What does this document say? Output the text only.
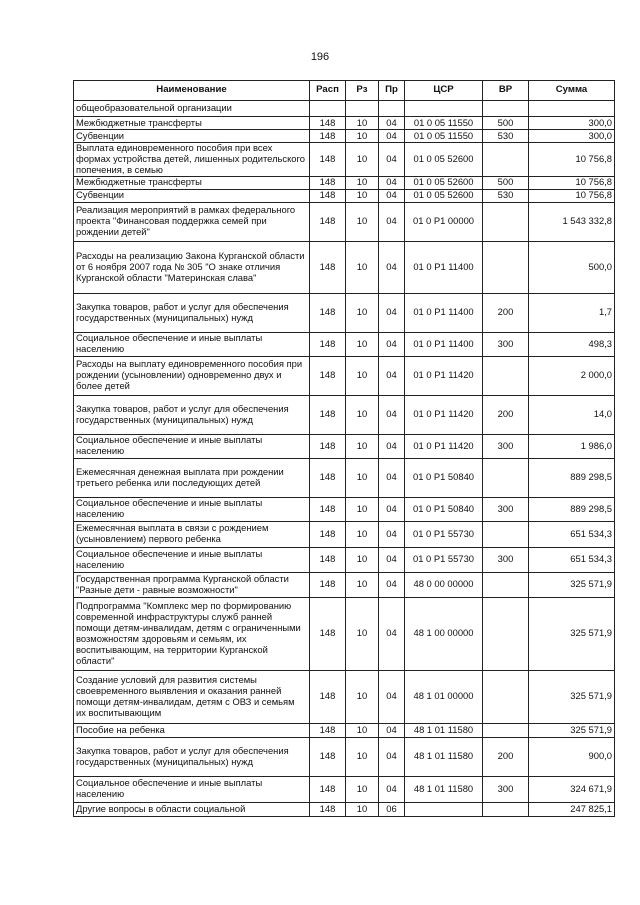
196
Наименование	Расп	Рз	Пр	ЦСР	ВР	Сумма
общеобразовательной организации						
Межбюджетные трансферты	148	10	04	01 0 05 11550	500	300,0
Субвенции	148	10	04	01 0 05 11550	530	300,0
Выплата единовременного пособия при всех формах устройства детей, лишенных родительского попечения, в семью	148	10	04	01 0 05 52600		10 756,8
Межбюджетные трансферты	148	10	04	01 0 05 52600	500	10 756,8
Субвенции	148	10	04	01 0 05 52600	530	10 756,8
Реализация мероприятий в рамках федерального проекта "Финансовая поддержка семей при рождении детей"	148	10	04	01 0 P1 00000		1 543 332,8
Расходы на реализацию Закона Курганской области от 6 ноября 2007 года № 305 "О знаке отличия Курганской области "Материнская слава"	148	10	04	01 0 P1 11400		500,0
Закупка товаров, работ и услуг для обеспечения государственных (муниципальных) нужд	148	10	04	01 0 P1 11400	200	1,7
Социальное обеспечение и иные выплаты населению	148	10	04	01 0 P1 11400	300	498,3
Расходы на выплату единовременного пособия при рождении (усыновлении) одновременно двух и более детей	148	10	04	01 0 P1 11420		2 000,0
Закупка товаров, работ и услуг для обеспечения государственных (муниципальных) нужд	148	10	04	01 0 P1 11420	200	14,0
Социальное обеспечение и иные выплаты населению	148	10	04	01 0 P1 11420	300	1 986,0
Ежемесячная денежная выплата при рождении третьего ребенка или последующих детей	148	10	04	01 0 P1 50840		889 298,5
Социальное обеспечение и иные выплаты населению	148	10	04	01 0 P1 50840	300	889 298,5
Ежемесячная выплата в связи с рождением (усыновлением) первого ребенка	148	10	04	01 0 P1 55730		651 534,3
Социальное обеспечение и иные выплаты населению	148	10	04	01 0 P1 55730	300	651 534,3
Государственная программа Курганской области "Разные дети - равные возможности"	148	10	04	48 0 00 00000		325 571,9
Подпрограмма "Комплекс мер по формированию современной инфраструктуры служб ранней помощи детям-инвалидам, детям с ограниченными возможностям здоровьям и семьям, их воспитывающим, на территории Курганской области"	148	10	04	48 1 00 00000		325 571,9
Создание условий для развития системы своевременного выявления и оказания ранней помощи детям-инвалидам, детям с ОВЗ и семьям их воспитывающим	148	10	04	48 1 01 00000		325 571,9
Пособие на ребенка	148	10	04	48 1 01 11580		325 571,9
Закупка товаров, работ и услуг для обеспечения государственных (муниципальных) нужд	148	10	04	48 1 01 11580	200	900,0
Социальное обеспечение и иные выплаты населению	148	10	04	48 1 01 11580	300	324 671,9
Другие вопросы в области социальной	148	10	06			247 825,1
